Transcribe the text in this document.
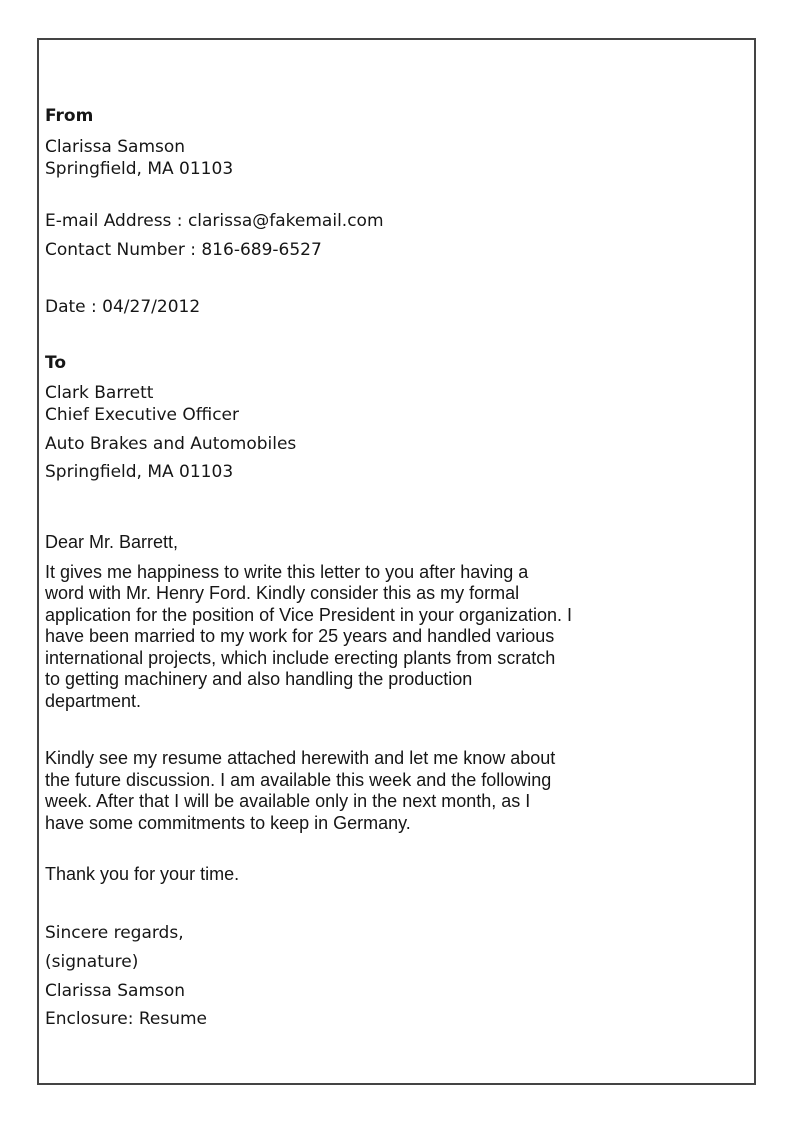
From

Clarissa Samson
Springfield, MA 01103

E-mail Address : clarissa@fakemail.com

Contact Number : 816-689-6527

Date : 04/27/2012

To

Clark Barrett
Chief Executive Officer

Auto Brakes and Automobiles

Springfield, MA 01103

Dear Mr. Barrett,

It gives me happiness to write this letter to you after having a
word with Mr. Henry Ford. Kindly consider this as my formal
application for the position of Vice President in your organization. I
have been married to my work for 25 years and handled various
international projects, which include erecting plants from scratch
to getting machinery and also handling the production
department.

Kindly see my resume attached herewith and let me know about
the future discussion. I am available this week and the following
week. After that I will be available only in the next month, as I
have some commitments to keep in Germany.

Thank you for your time.

Sincere regards,

(signature)

Clarissa Samson

Enclosure: Resume
